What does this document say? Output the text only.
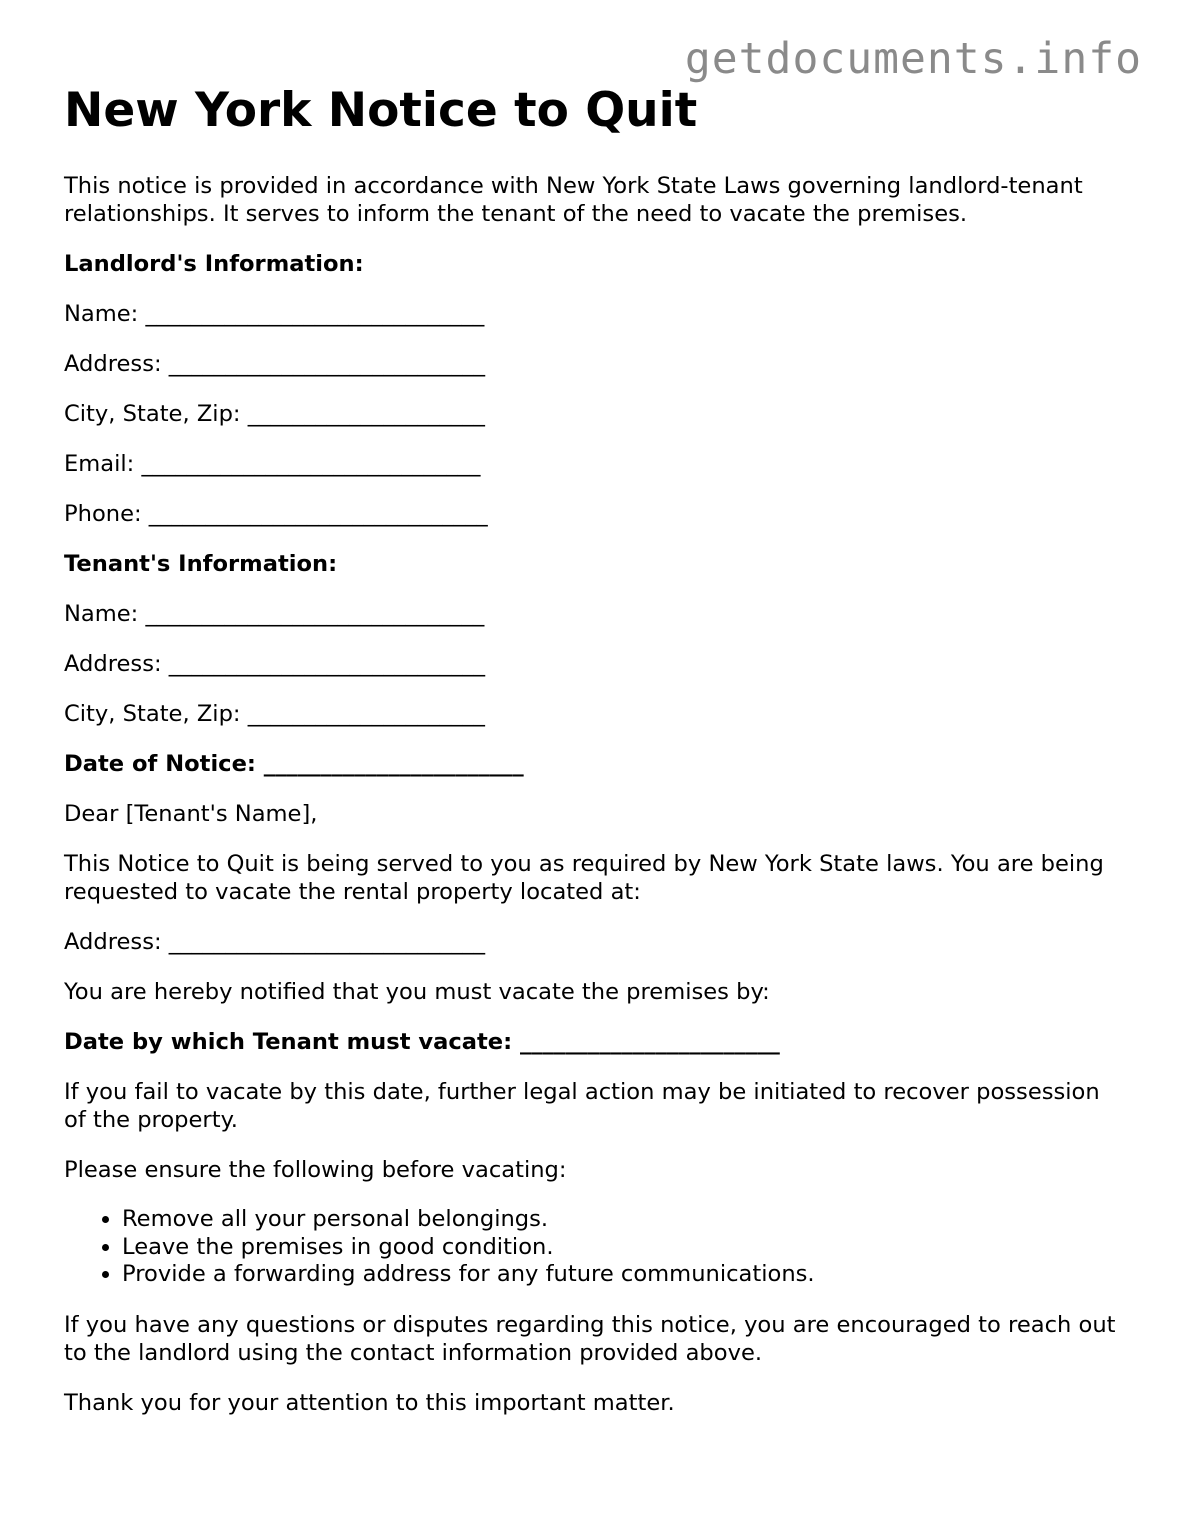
getdocuments.info
New York Notice to Quit

This notice is provided in accordance with New York State Laws governing landlord-tenant relationships. It serves to inform the tenant of the need to vacate the premises.

Landlord's Information:

Name: ______________________________

Address: ____________________________

City, State, Zip: _____________________

Email: ______________________________

Phone: ______________________________

Tenant's Information:

Name: ______________________________

Address: ____________________________

City, State, Zip: _____________________

Date of Notice: _______________________

Dear [Tenant's Name],

This Notice to Quit is being served to you as required by New York State laws. You are being requested to vacate the rental property located at:

Address: ____________________________

You are hereby notified that you must vacate the premises by:

Date by which Tenant must vacate: _______________________

If you fail to vacate by this date, further legal action may be initiated to recover possession of the property.

Please ensure the following before vacating:

• Remove all your personal belongings.
• Leave the premises in good condition.
• Provide a forwarding address for any future communications.

If you have any questions or disputes regarding this notice, you are encouraged to reach out to the landlord using the contact information provided above.

Thank you for your attention to this important matter.
